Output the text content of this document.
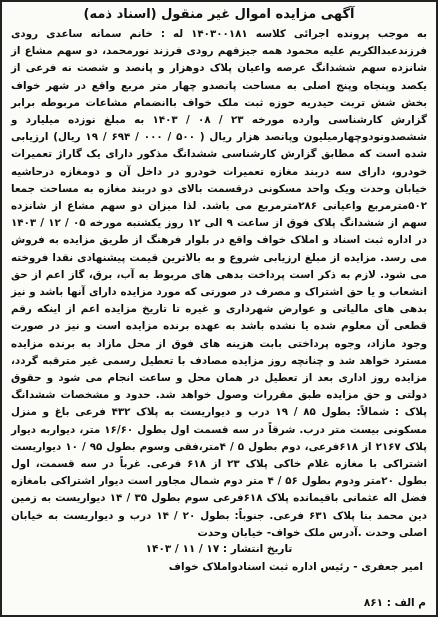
آگهی مزایده اموال غیر منقول (اسناد ذمه)

به موجب پرونده اجرائی کلاسه ۱۴۰۳۰۰۱۸۱ له : خانم سمانه ساعدی رودی فرزندعبدالکریم علیه محمود همه جیزفهم رودی فرزند نورمحمد، دو سهم مشاع از شانزده سهم ششدانگ عرصه واعیان پلاک دوهزار و پانصد و شصت نه فرعی از یکصد وپنجاه وپنج اصلی به مساحت پانصدو چهار متر مربع واقع در شهر خواف بخش شش تربت حیدریه حوزه ثبت ملک خواف باانضمام مشاعات مربوطه برابر گزارش کارشناسی وارده مورخه ۲۳ / ۰۸ / ۱۴۰۳ به مبلغ نوزده میلیارد و ششصدونودوچهارمیلیون وپانصد هزار ریال ( ۵۰۰ / ۰۰۰ / ۶۹۴ / ۱۹ ریال) ارزیابی شده است که مطابق گزارش کارشناسی ششدانگ مذکور دارای یک گاراژ تعمیرات خودرو، دارای سه دربند مغازه تعمیرات خودرو در داخل آن و دومغازه درحاشیه خیابان وحدت ویک واحد مسکونی درقسمت بالای دو دربند مغازه به مساحت جمعا ۵۰۲مترمربع واعیانی ۲۸۶مترمربع می باشد. لذا میزان دو سهم مشاع از شانزده سهم از ششدانگ پلاک فوق از ساعت ۹ الی ۱۲ روز یکشنبه مورخه ۰۵ / ۱۲ / ۱۴۰۳ در اداره ثبت اسناد و املاک خواف واقع در بلوار فرهنگ از طریق مزایده به فروش می رسد. مزایده از مبلغ ارزیابی شروع و به بالاترین قیمت پیشنهادی نقدا فروخته می شود. لازم به ذکر است پرداخت بدهی های مربوط به آب، برق، گاز اعم از حق انشعاب و یا حق اشتراک و مصرف در صورتی که مورد مزایده دارای آنها باشد و نیز بدهی های مالیاتی و عوارض شهرداری و غیره تا تاریخ مزایده اعم از اینکه رقم قطعی آن معلوم شده یا نشده باشد به عهده برنده مزایده است و نیز در صورت وجود مازاد، وجوه پرداختی بابت هزینه های فوق از محل مازاد به برنده مزایده مسترد خواهد شد و چنانچه روز مزایده مصادف با تعطیل رسمی غیر مترقبه گردد، مزایده روز اداری بعد از تعطیل در همان محل و ساعت انجام می شود و حقوق دولتی و حق مزایده طبق مقررات وصول خواهد شد. حدود و مشخصات ششدانگ پلاک : شمالاً: بطول ۸۵ / ۱۹ درب و دیواریست به پلاک ۴۳۲ فرعی باغ و منزل مسکونی بیست متر درب. شرقاً در سه قسمت اول بطول ۱۶/۶۰ متر، دیواربه دیوار پلاک ۲۱۶۷ از ۶۱۸فرعی، دوم بطول ۵ / ۴متر،فقی وسوم بطول ۹۵ / ۱۰ دیواریست اشتراکی با مغازه غلام خاکی پلاک ۲۳ از ۶۱۸ فرعی. غرباً در سه قسمت، اول بطول ۲۰متر ودوم بطول ۵۶ / ۴ متر دوم شمال مجاور است دیوار اشتراکی بامغازه فضل اله عثمانی باقیمانده پلاک ۶۱۸فرعی سوم بطول ۳۵ / ۱۴ دیواریست به زمین دین محمد بنا پلاک ۶۳۱ فرعی. جنوباً: بطول ۲۰ / ۱۴ درب و دیواریست به خیابان اصلی وحدت .آدرس ملک خواف- خیابان وحدت

تاریخ انتشار : ۱۷ / ۱۱ / ۱۴۰۳
امیر جعفری - رئیس اداره ثبت اسنادواملاک خواف
م الف : ۸۶۱
